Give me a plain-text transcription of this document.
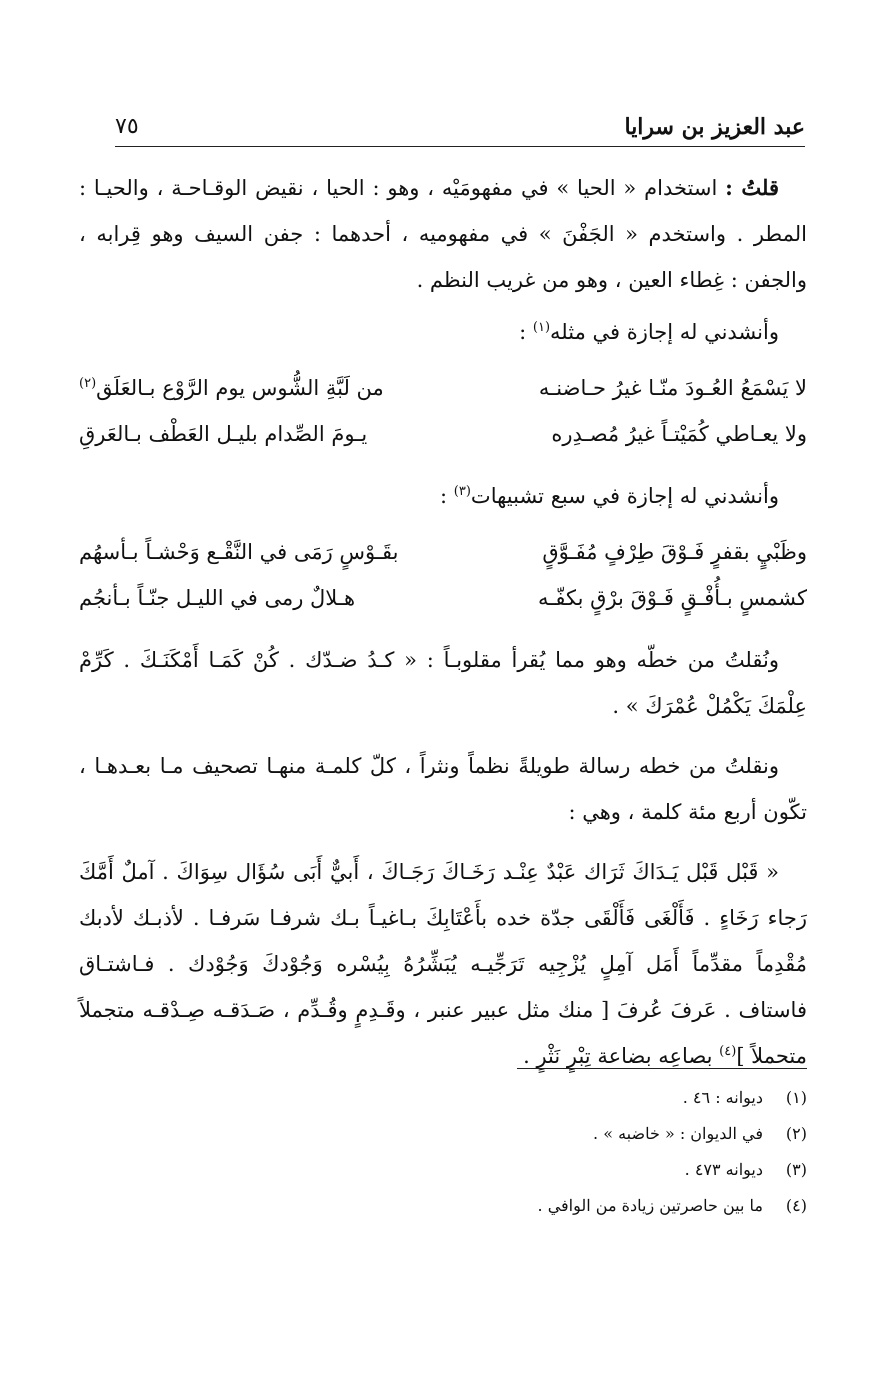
عبد العزيز بن سرايا
٧٥

قلتُ : استخدام « الحيا » في مفهومَيْه ، وهو : الحيا ، نقيض الوقـاحـة ، والحيـا : المطر . واستخدم « الجَفْنَ » في مفهوميه ، أحدهما : جفن السيف وهو قِرابه ، والجفن : غِطاء العين ، وهو من غريب النظم .

وأنشدني له إجازة في مثله$^{(١)}$ :

لا يَسْمَعُ العُـودَ منّـا غيرُ حـاضنـه
من لَبَّةِ الشُّوس يوم الرَّوْع بـالعَلَق$^{(٢)}$
ولا يعـاطي كُمَيْتـاً غيرُ مُصـدِره
يـومَ الصِّدام بليـل العَطْف بـالعَرقِ

وأنشدني له إجازة في سبع تشبيهات$^{(٣)}$ :

وظَبْيٍ بقفرٍ فَـوْقَ طِرْفٍ مُفَـوَّقٍ
بقَـوْسٍ رَمَى في النَّقْـع وَحْشـاً بـأسهُم
كشمسٍ بـأُفْـقٍ فَـوْقَ برْقٍ بكفّـه
هـلالٌ رمى في الليـل جنّـاً بـأنجُم

ونُقلتُ من خطّه وهو مما يُقرأ مقلوبـاً : « كـدُ ضـدّك . كُنْ كَمَـا أَمْكَنَـكَ . كَرِّمْ عِلْمَكَ يَكْمُلْ عُمْرَكَ » .

ونقلتُ من خطه رسالة طويلةً نظماً ونثراً ، كلّ كلمـة منهـا تصحيف مـا بعـدهـا ، تكّون أربع مئة كلمة ، وهي :

« قَبْل قَبْل يَـدَاكَ ثَرَاك عَبْدٌ عِنْـد رَخَـاكَ رَجَـاكَ ، أَبيٌّ أَبَى سُؤَال سِوَاكَ . آملٌ أَمَّكَ رَجاء رَخَاءٍ . فَأَلْغَى فَأَلْقَى جدّة خده بأَعْتَابِكَ بـاغيـاً بـك شرفـا سَرفـا . لأذبـك لأدبك مُقْدِماً مقدِّماً أَمَل آمِلٍ يُزْجِيه تَرَجِّيـه يُبَشِّرُهُ بِيُسْره وَجُوْدكَ وَجُوْدك . فـاشتـاق فاستاف . عَرفَ عُرفَ [ منك مثل عبير عنبر ، وقَـدِمٍ وقُـدِّم ، صَـدَقـه صِـدْقـه متجملاً متحملاً ]$^{(٤)}$ بصاعِه بضاعة تِبْرٍ نَثْرٍ .

(١)
ديوانه : ٤٦ .
(٢)
في الديوان : « خاضبه » .
(٣)
ديوانه ٤٧٣ .
(٤)
ما بين حاصرتين زيادة من الوافي .
